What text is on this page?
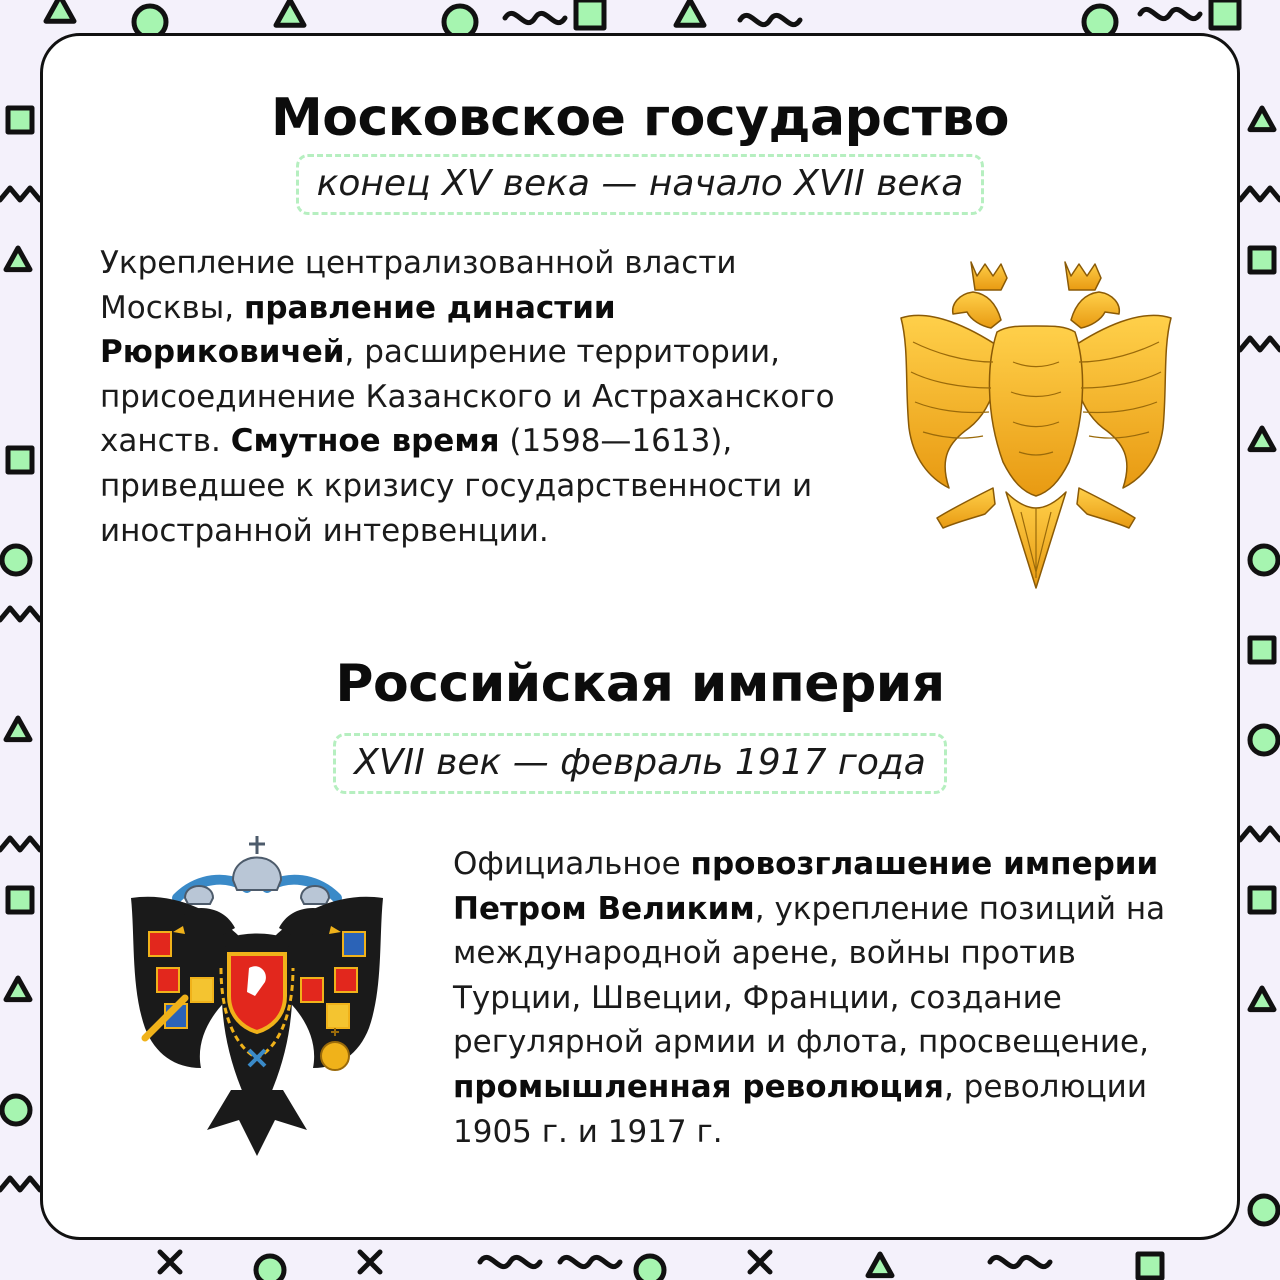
Московское государство
конец XV века — начало XVII века

Укрепление централизованной власти Москвы, правление династии Рюриковичей, расширение территории, присоединение Казанского и Астраханского ханств. Смутное время (1598—1613), приведшее к кризису государственности и иностранной интервенции.

Российская империя
XVII век — февраль 1917 года

Официальное провозглашение империи Петром Великим, укрепление позиций на международной арене, войны против Турции, Швеции, Франции, создание регулярной армии и флота, просвещение, промышленная революция, революции 1905 г. и 1917 г.
